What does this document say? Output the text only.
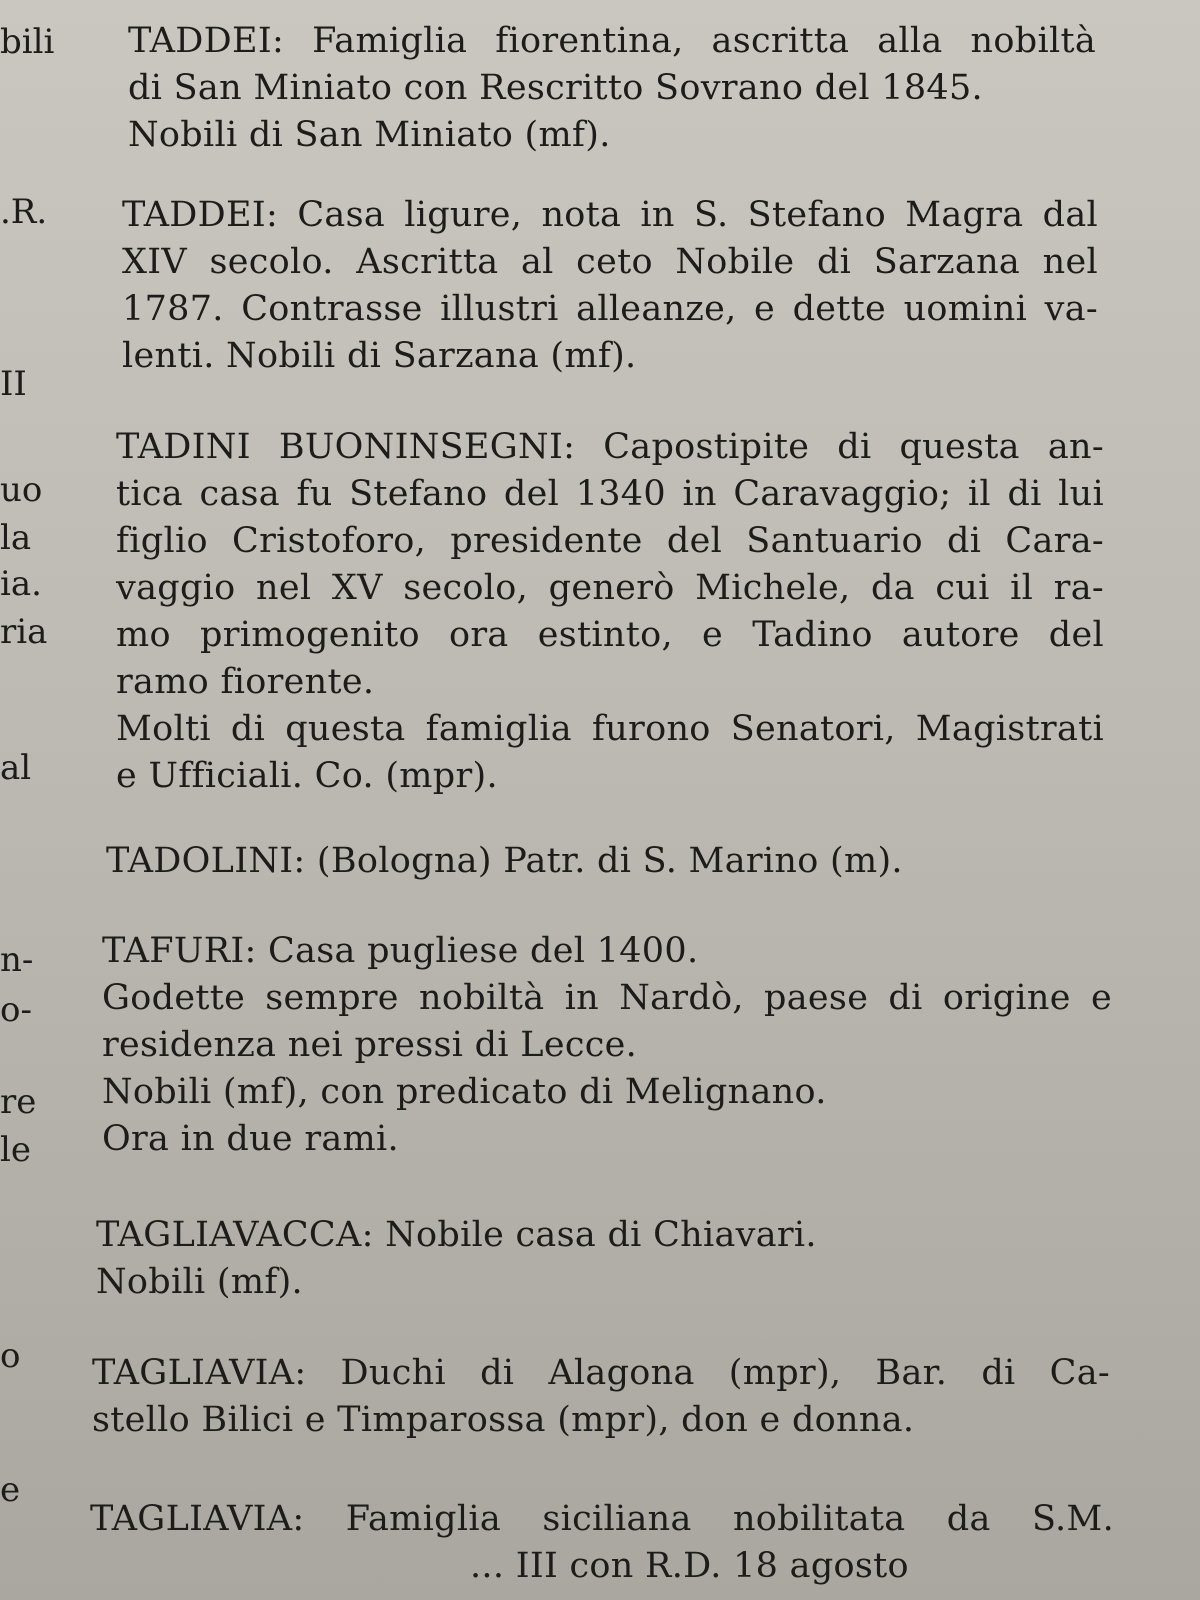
bili
.R.
II
uo
la
ia.
ria
al
n-
o-
re
le
o
e
TADDEI: Famiglia fiorentina, ascritta alla nobiltà
di San Miniato con Rescritto Sovrano del 1845.
Nobili di San Miniato (mf).
TADDEI: Casa ligure, nota in S. Stefano Magra dal
XIV secolo. Ascritta al ceto Nobile di Sarzana nel
1787. Contrasse illustri alleanze, e dette uomini va-
lenti. Nobili di Sarzana (mf).
TADINI BUONINSEGNI: Capostipite di questa an-
tica casa fu Stefano del 1340 in Caravaggio; il di lui
figlio Cristoforo, presidente del Santuario di Cara-
vaggio nel XV secolo, generò Michele, da cui il ra-
mo primogenito ora estinto, e Tadino autore del
ramo fiorente.
Molti di questa famiglia furono Senatori, Magistrati
e Ufficiali. Co. (mpr).
TADOLINI: (Bologna) Patr. di S. Marino (m).
TAFURI: Casa pugliese del 1400.
Godette sempre nobiltà in Nardò, paese di origine e
residenza nei pressi di Lecce.
Nobili (mf), con predicato di Melignano.
Ora in due rami.
TAGLIAVACCA: Nobile casa di Chiavari.
Nobili (mf).
TAGLIAVIA: Duchi di Alagona (mpr), Bar. di Ca-
stello Bilici e Timparossa (mpr), don e donna.
TAGLIAVIA: Famiglia siciliana nobilitata da S.M.
... III con R.D. 18 agosto
